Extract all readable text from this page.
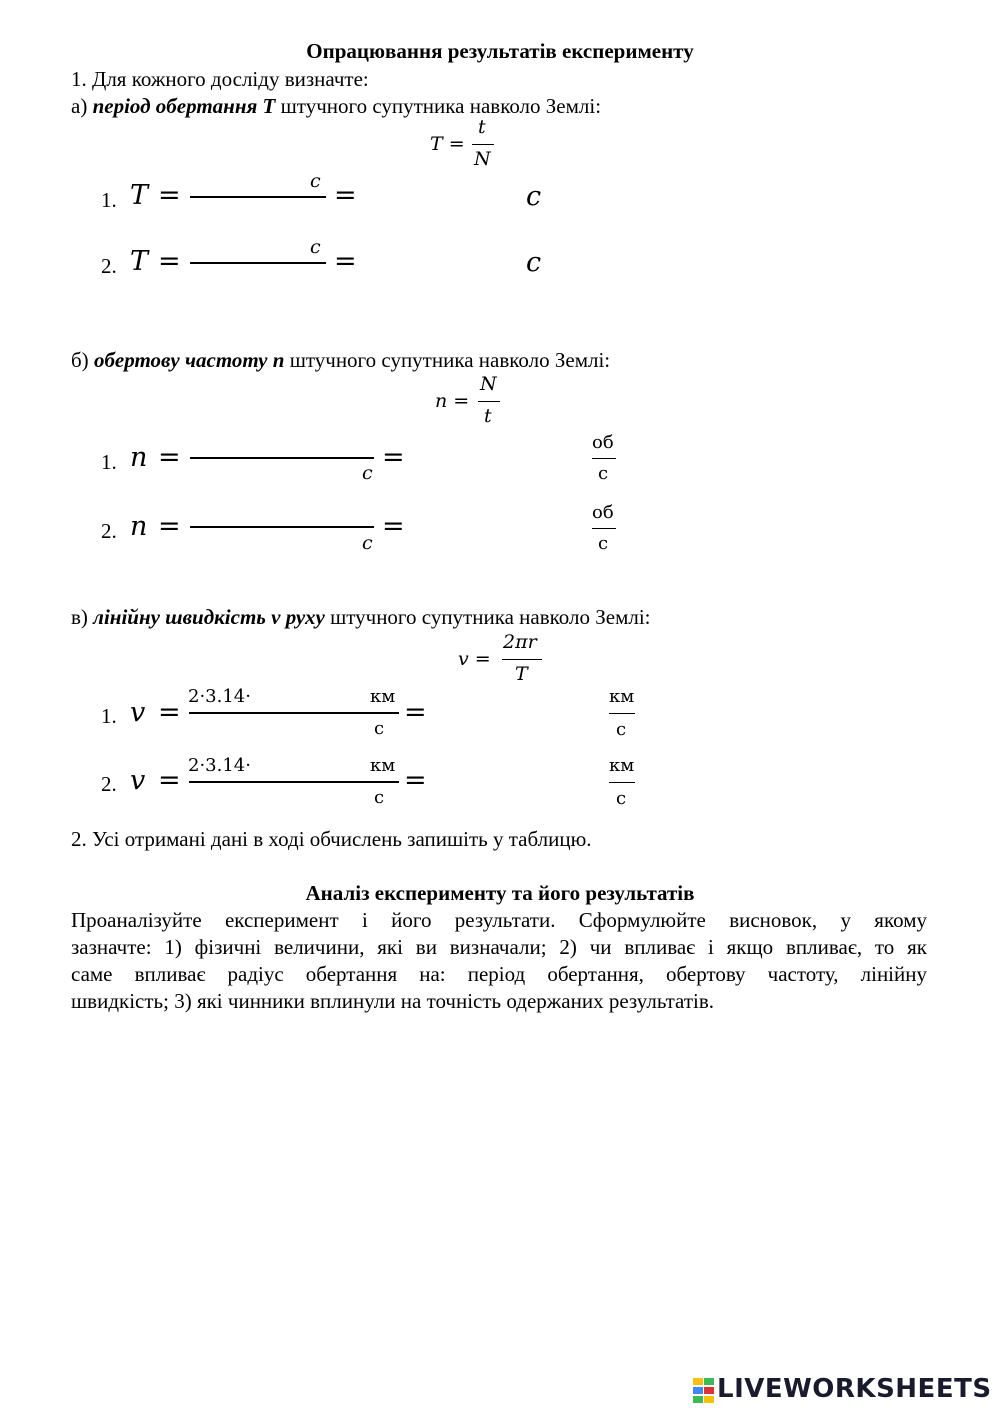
Опрацювання результатів експерименту
1. Для кожного досліду визначте:
а) період обертання T штучного супутника навколо Землі:
T =
t
N
1. T =	c =	c
2. T =	c =	c
б) обертову частоту n штучного супутника навколо Землі:
n =
N
t
1. n =	c =	об
с
2. n =
c
=	об
с
в) лінійну швидкість v руху штучного супутника навколо Землі:
v =
2πr
T
1. v =
2·3.14·	км
с
=
км
с
2. v = 2·3.14·	км
с
=	км
с
2. Усі отримані дані в ході обчислень запишіть у таблицю.
Аналіз експерименту та його результатів
Проаналізуйте експеримент і його результати. Сформулюйте висновок, у якому
зазначте: 1) фізичні величини, які ви визначали; 2) чи впливає і якщо впливає, то як
саме впливає радіус обертання на: період обертання, обертову частоту, лінійну
швидкість; 3) які чинники вплинули на точність одержаних результатів.
LIVEWORKSHEETS
